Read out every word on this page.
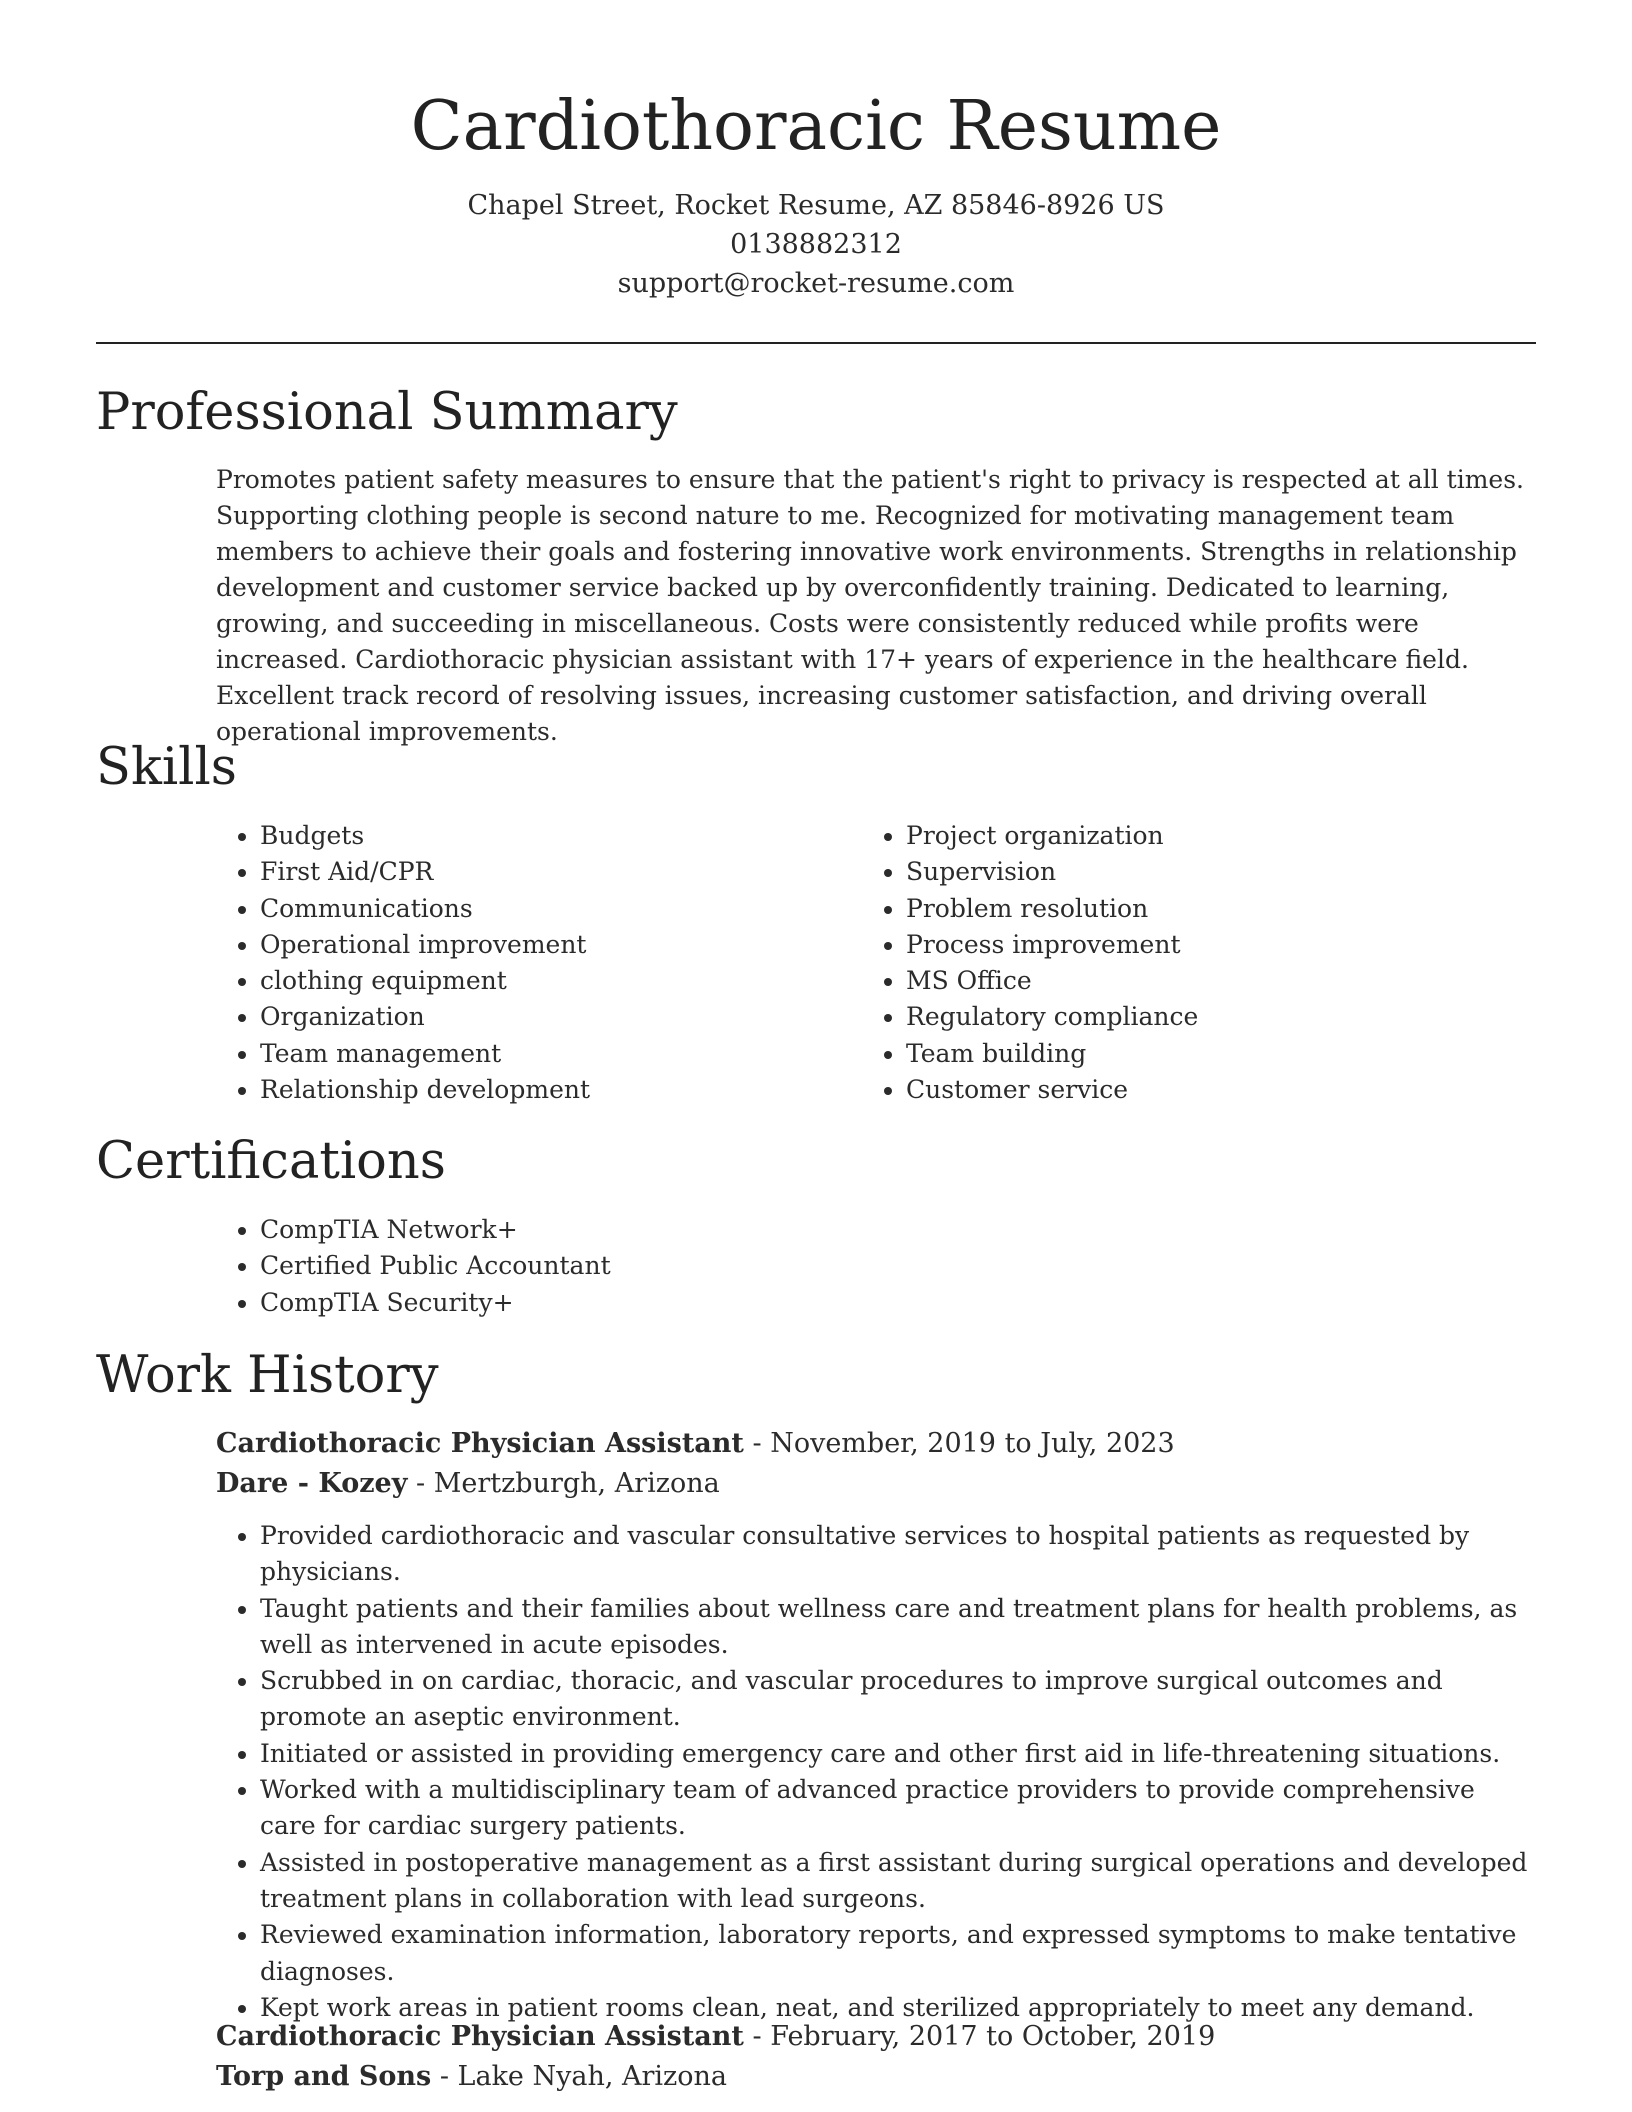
Cardiothoracic Resume
Chapel Street, Rocket Resume, AZ 85846-8926 US
0138882312
support@rocket-resume.com
Professional Summary

Promotes patient safety measures to ensure that the patient's right to privacy is respected at all times. Supporting clothing people is second nature to me. Recognized for motivating management team members to achieve their goals and fostering innovative work environments. Strengths in relationship development and customer service backed up by overconfidently training. Dedicated to learning, growing, and succeeding in miscellaneous. Costs were consistently reduced while profits were increased. Cardiothoracic physician assistant with 17+ years of experience in the healthcare field. Excellent track record of resolving issues, increasing customer satisfaction, and driving overall operational improvements.

Skills
• Budgets
• First Aid/CPR
• Communications
• Operational improvement
• clothing equipment
• Organization
• Team management
• Relationship development
• Project organization
• Supervision
• Problem resolution
• Process improvement
• MS Office
• Regulatory compliance
• Team building
• Customer service
Certifications
• CompTIA Network+
• Certified Public Accountant
• CompTIA Security+
Work History
Cardiothoracic Physician Assistant - November, 2019 to July, 2023
Dare - Kozey - Mertzburgh, Arizona
• Provided cardiothoracic and vascular consultative services to hospital patients as requested by physicians.
• Taught patients and their families about wellness care and treatment plans for health problems, as well as intervened in acute episodes.
• Scrubbed in on cardiac, thoracic, and vascular procedures to improve surgical outcomes and promote an aseptic environment.
• Initiated or assisted in providing emergency care and other first aid in life-threatening situations.
• Worked with a multidisciplinary team of advanced practice providers to provide comprehensive care for cardiac surgery patients.
• Assisted in postoperative management as a first assistant during surgical operations and developed treatment plans in collaboration with lead surgeons.
• Reviewed examination information, laboratory reports, and expressed symptoms to make tentative diagnoses.
• Kept work areas in patient rooms clean, neat, and sterilized appropriately to meet any demand.
Cardiothoracic Physician Assistant - February, 2017 to October, 2019
Torp and Sons - Lake Nyah, Arizona
